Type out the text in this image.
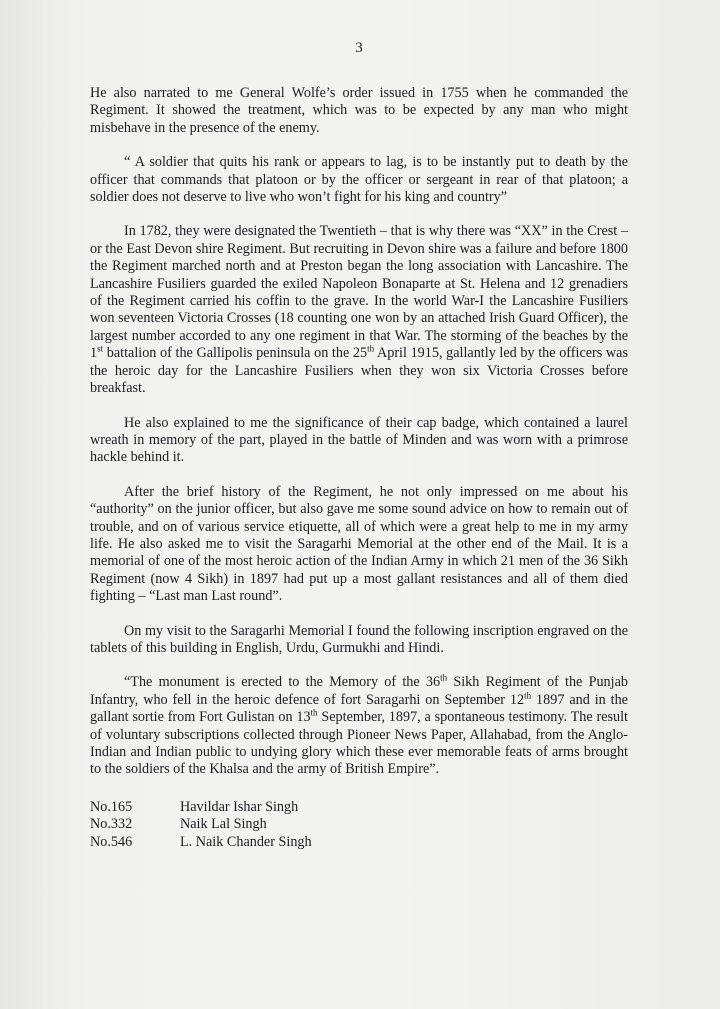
3

He also narrated to me General Wolfe’s order issued in 1755 when he commanded the Regiment. It showed the treatment, which was to be expected by any man who might misbehave in the presence of the enemy.

“ A soldier that quits his rank or appears to lag, is to be instantly put to death by the officer that commands that platoon or by the officer or sergeant in rear of that platoon; a soldier does not deserve to live who won’t fight for his king and country”

In 1782, they were designated the Twentieth – that is why there was “XX” in the Crest – or the East Devon shire Regiment. But recruiting in Devon shire was a failure and before 1800 the Regiment marched north and at Preston began the long association with Lancashire. The Lancashire Fusiliers guarded the exiled Napoleon Bonaparte at St. Helena and 12 grenadiers of the Regiment carried his coffin to the grave. In the world War-I the Lancashire Fusiliers won seventeen Victoria Crosses (18 counting one won by an attached Irish Guard Officer), the largest number accorded to any one regiment in that War. The storming of the beaches by the 1st battalion of the Gallipolis peninsula on the 25th April 1915, gallantly led by the officers was the heroic day for the Lancashire Fusiliers when they won six Victoria Crosses before breakfast.

He also explained to me the significance of their cap badge, which contained a laurel wreath in memory of the part, played in the battle of Minden and was worn with a primrose hackle behind it.

After the brief history of the Regiment, he not only impressed on me about his “authority” on the junior officer, but also gave me some sound advice on how to remain out of trouble, and on of various service etiquette, all of which were a great help to me in my army life. He also asked me to visit the Saragarhi Memorial at the other end of the Mail. It is a memorial of one of the most heroic action of the Indian Army in which 21 men of the 36 Sikh Regiment (now 4 Sikh) in 1897 had put up a most gallant resistances and all of them died fighting – “Last man Last round”.

On my visit to the Saragarhi Memorial I found the following inscription engraved on the tablets of this building in English, Urdu, Gurmukhi and Hindi.

“The monument is erected to the Memory of the 36th Sikh Regiment of the Punjab Infantry, who fell in the heroic defence of fort Saragarhi on September 12th 1897 and in the gallant sortie from Fort Gulistan on 13th September, 1897, a spontaneous testimony. The result of voluntary subscriptions collected through Pioneer News Paper, Allahabad, from the Anglo-Indian and Indian public to undying glory which these ever memorable feats of arms brought to the soldiers of the Khalsa and the army of British Empire”.

No.165	Havildar Ishar Singh
No.332	Naik Lal Singh
No.546	L. Naik Chander Singh
